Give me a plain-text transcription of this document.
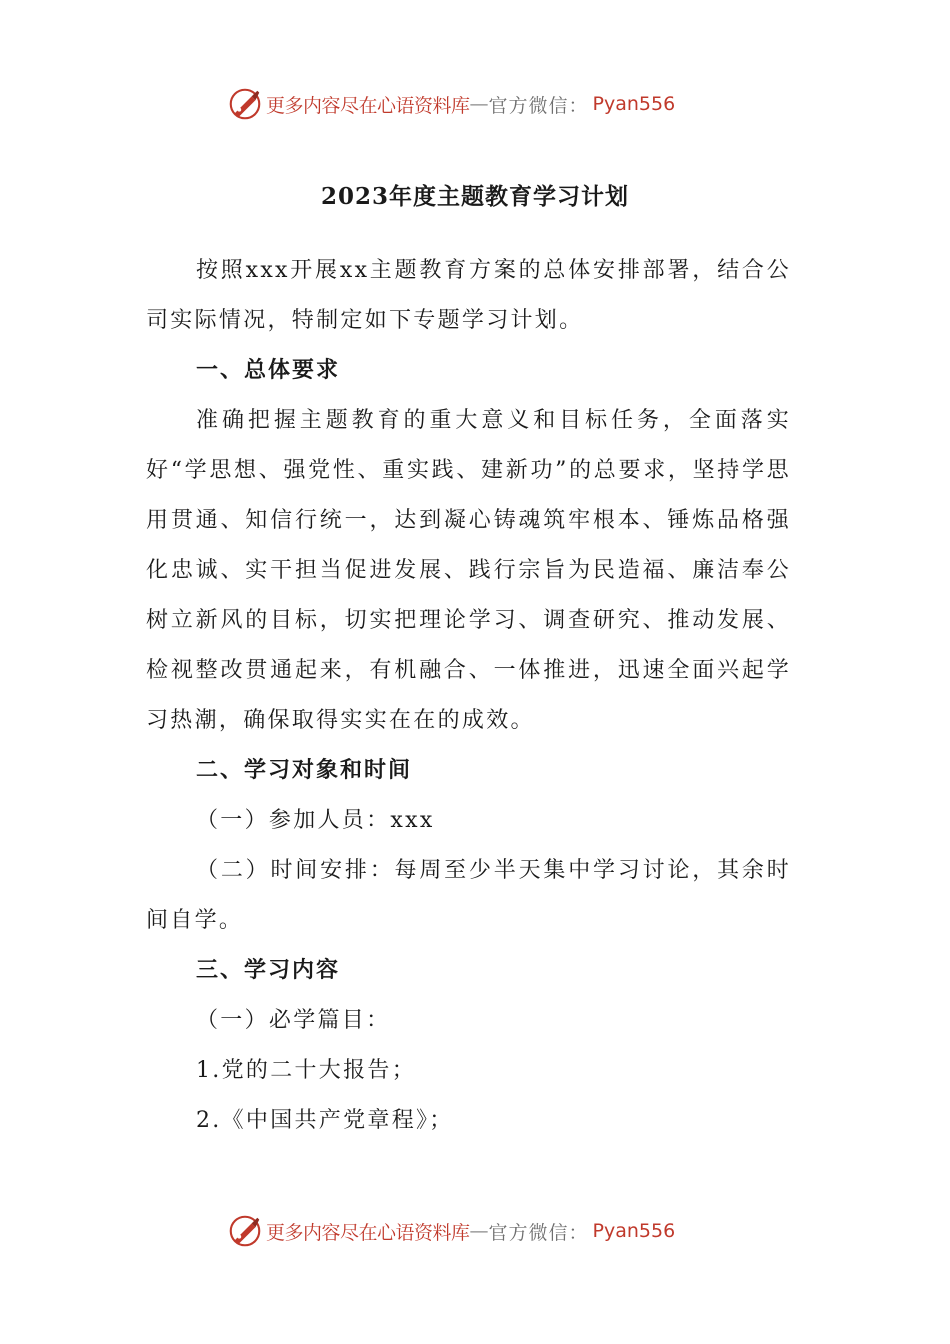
更多内容尽在心语资料库 — 官方微信： Pyan556
2023年度主题教育学习计划

按照xxx开展xx主题教育方案的总体安排部署，结合公司实际情况，特制定如下专题学习计划。

一、总体要求

准确把握主题教育的重大意义和目标任务，全面落实好“学思想、强党性、重实践、建新功”的总要求，坚持学思用贯通、知信行统一，达到凝心铸魂筑牢根本、锤炼品格强化忠诚、实干担当促进发展、践行宗旨为民造福、廉洁奉公树立新风的目标，切实把理论学习、调查研究、推动发展、检视整改贯通起来，有机融合、一体推进，迅速全面兴起学习热潮，确保取得实实在在的成效。

二、学习对象和时间

（一）参加人员：xxx

（二）时间安排：每周至少半天集中学习讨论，其余时间自学。

三、学习内容

（一）必学篇目：

1.党的二十大报告；

2.《中国共产党章程》；

更多内容尽在心语资料库 — 官方微信： Pyan556
